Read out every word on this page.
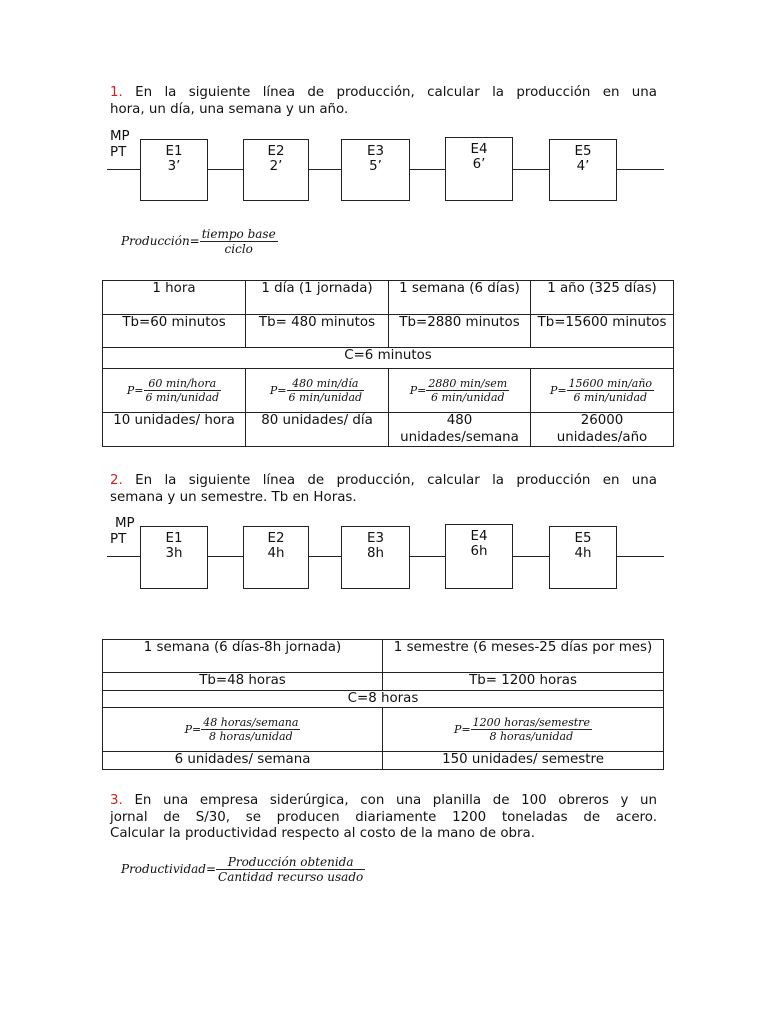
1. En la siguiente línea de producción, calcular la producción en una
hora, un día, una semana y un año.
MP
PT	E1
3’
E2
2’
E3
5’
E4
6’
E5
4’
Producción= $\frac{\text{tiempo base}}{\text{ciclo}}$
1 hora	1 día (1 jornada)	1 semana (6 días)	1 año (325 días)
Tb=60 minutos	Tb= 480 minutos	Tb=2880 minutos	Tb=15600 minutos
C=6 minutos			
$P= \frac{\text{60 min/hora}}{\text{6 min/unidad}}$	$P= \frac{\text{480 min/día}}{\text{6 min/unidad}}$	$P= \frac{\text{2880 min/sem}}{\text{6 min/unidad}}$	$P= \frac{\text{15600 min/año}}{\text{6 min/unidad}}$

10 unidades/ hora	80 unidades/ día	480 unidades/semana	26000 unidades/año
2. En la siguiente línea de producción, calcular la producción en una
semana y un semestre. Tb en Horas.
MP
PT	E1
3h
E2
4h
E3
8h
E4
6h
E5
4h
1 semana (6 días-8h jornada)	1 semestre (6 meses-25 días por mes)
Tb=48 horas	Tb= 1200 horas
C=8 horas	
$P= \frac{\text{48 horas/semana}}{\text{8 horas/unidad}}$	$P= \frac{\text{1200 horas/semestre}}{\text{8 horas/unidad}}$

6 unidades/ semana	150 unidades/ semestre
3. En una empresa siderúrgica, con una planilla de 100 obreros y un
jornal de S/30, se producen diariamente 1200 toneladas de acero.
Calcular la productividad respecto al costo de la mano de obra.
Productividad= $\frac{\text{Producción obtenida}}{\text{Cantidad recurso usado}}$
